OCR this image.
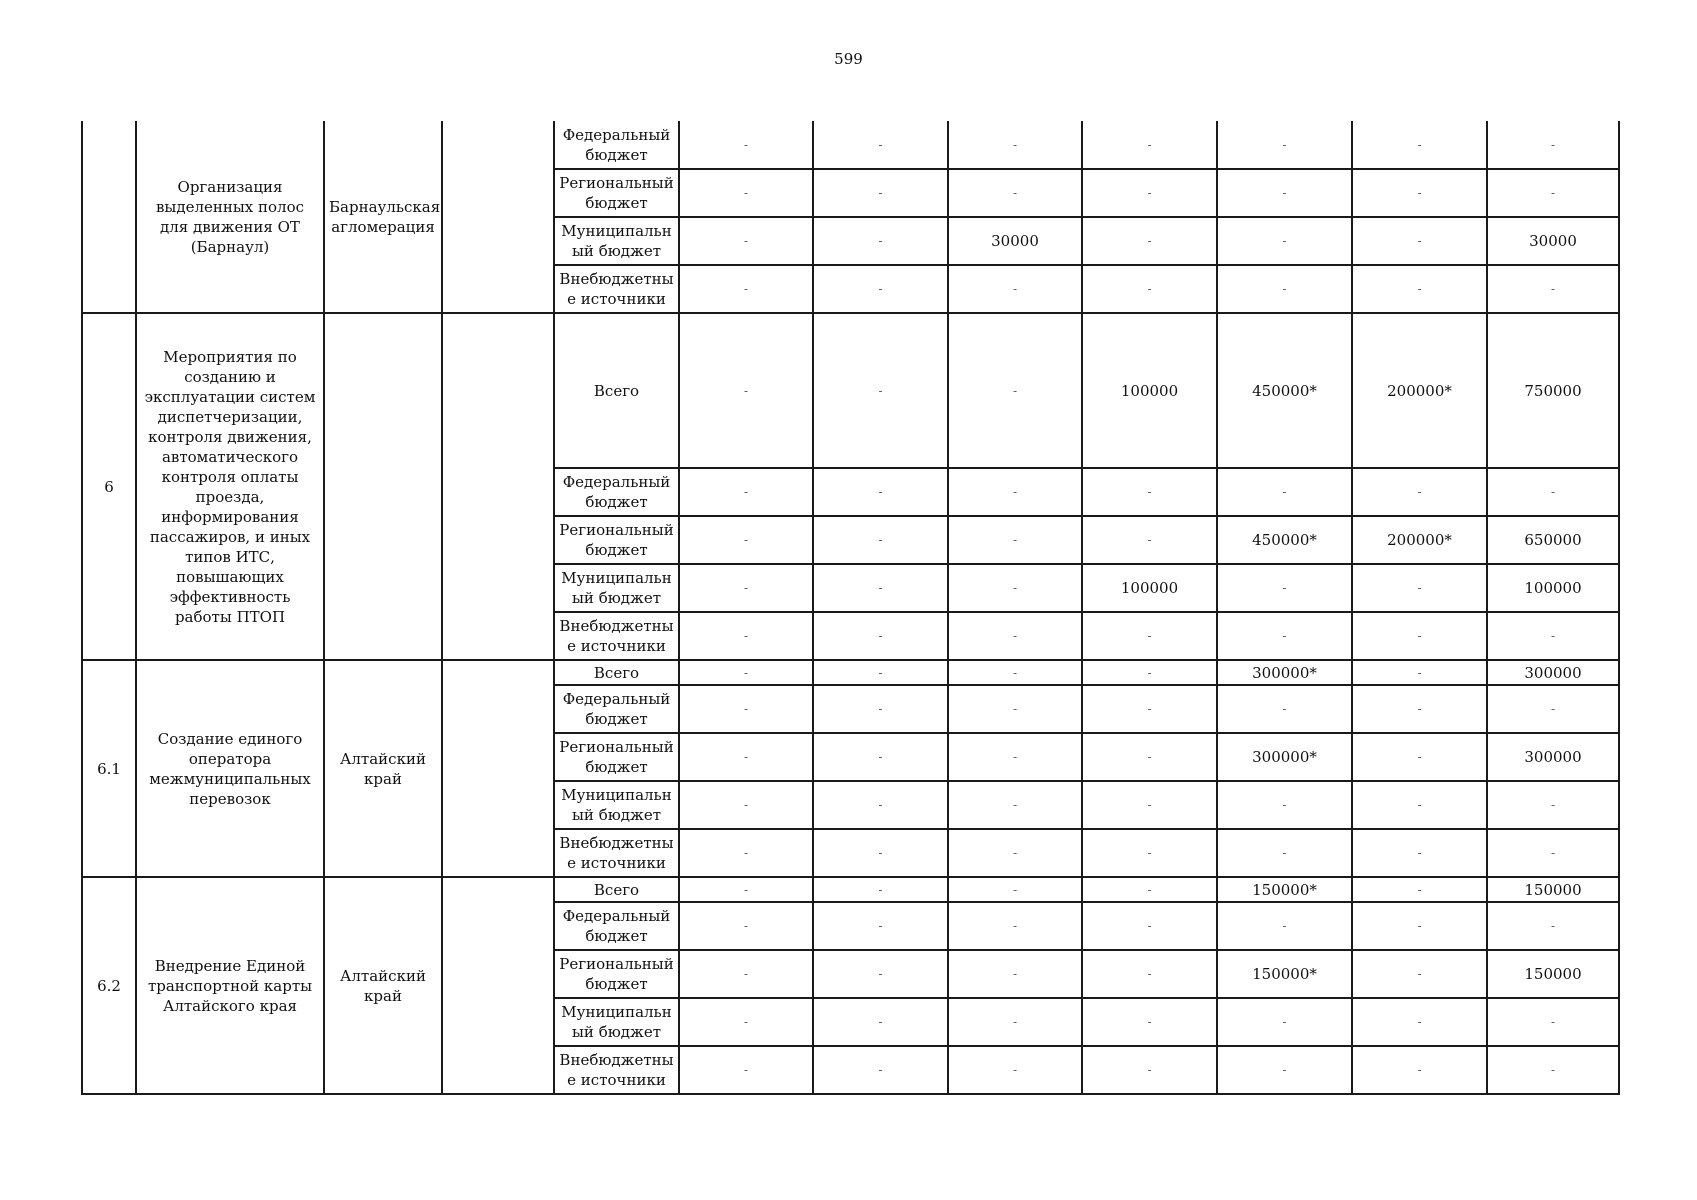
599
	Организация выделенных полос для движения ОТ (Барнаул)	Барнаульская агломерация		Федеральный бюджет	-	-	-	-	-	-	-
				Региональный бюджет	-	-	-	-	-	-	-
				Муниципальн ый бюджет	-	-	30000	-	-	-	30000
				Внебюджетны е источники	-	-	-	-	-	-	-
6	Мероприятия по созданию и эксплуатации систем диспетчеризации, контроля движения, автоматического контроля оплаты проезда, информирования пассажиров, и иных типов ИТС, повышающих эффективность работы ПТОП			Всего	-	-	-	100000	450000*	200000*	750000
				Федеральный бюджет	-	-	-	-	-	-	-
				Региональный бюджет	-	-	-	-	450000*	200000*	650000
				Муниципальн ый бюджет	-	-	-	100000	-	-	100000
				Внебюджетны е источники	-	-	-	-	-	-	-
6.1	Создание единого оператора межмуниципальных перевозок	Алтайский край		Всего	-	-	-	-	300000*	-	300000
				Федеральный бюджет	-	-	-	-	-	-	-
				Региональный бюджет	-	-	-	-	300000*	-	300000
				Муниципальн ый бюджет	-	-	-	-	-	-	-
				Внебюджетны е источники	-	-	-	-	-	-	-
6.2	Внедрение Единой транспортной карты Алтайского края	Алтайский край		Всего	-	-	-	-	150000*	-	150000
				Федеральный бюджет	-	-	-	-	-	-	-
				Региональный бюджет	-	-	-	-	150000*	-	150000
				Муниципальн ый бюджет	-	-	-	-	-	-	-
				Внебюджетны е источники	-	-	-	-	-	-	-
